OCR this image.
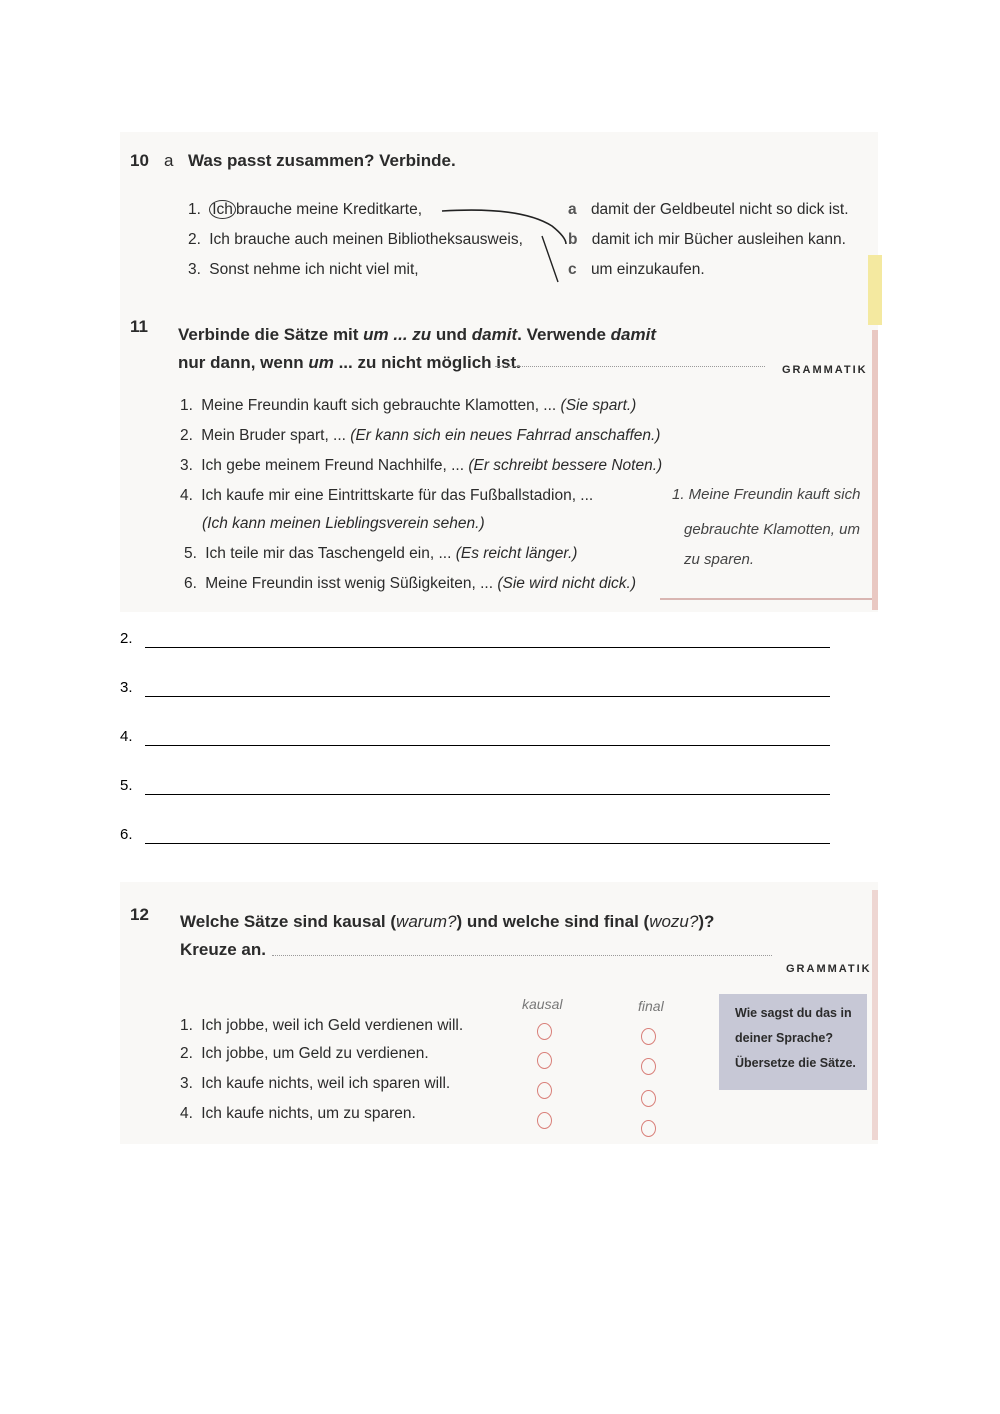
10 a Was passt zusammen? Verbinde.
1. Ich brauche meine Kreditkarte,
2. Ich brauche auch meinen Bibliotheksausweis,
3. Sonst nehme ich nicht viel mit,
a damit der Geldbeutel nicht so dick ist.
b damit ich mir Bücher ausleihen kann.
c um einzukaufen.
11 Verbinde die Sätze mit um ... zu und damit. Verwende damit
nur dann, wenn um ... zu nicht möglich ist.	GRAMMATIK
1. Meine Freundin kauft sich gebrauchte Klamotten, ... (Sie spart.)
2. Mein Bruder spart, ... (Er kann sich ein neues Fahrrad anschaffen.)
3. Ich gebe meinem Freund Nachhilfe, ... (Er schreibt bessere Noten.)
4. Ich kaufe mir eine Eintrittskarte für das Fußballstadion, ...
(Ich kann meinen Lieblingsverein sehen.)
5. Ich teile mir das Taschengeld ein, ... (Es reicht länger.)
6. Meine Freundin isst wenig Süßigkeiten, ... (Sie wird nicht dick.)
1. Meine Freundin kauft sich
gebrauchte Klamotten, um
zu sparen.
2.
3.
4.
5.
6.
12 Welche Sätze sind kausal (warum?) und welche sind final (wozu?)?
Kreuze an.
GRAMMATIK
kausal	final
1. Ich jobbe, weil ich Geld verdienen will.
2. Ich jobbe, um Geld zu verdienen.
3. Ich kaufe nichts, weil ich sparen will.
4. Ich kaufe nichts, um zu sparen.
Wie sagst du das in
deiner Sprache?
Übersetze die Sätze.
